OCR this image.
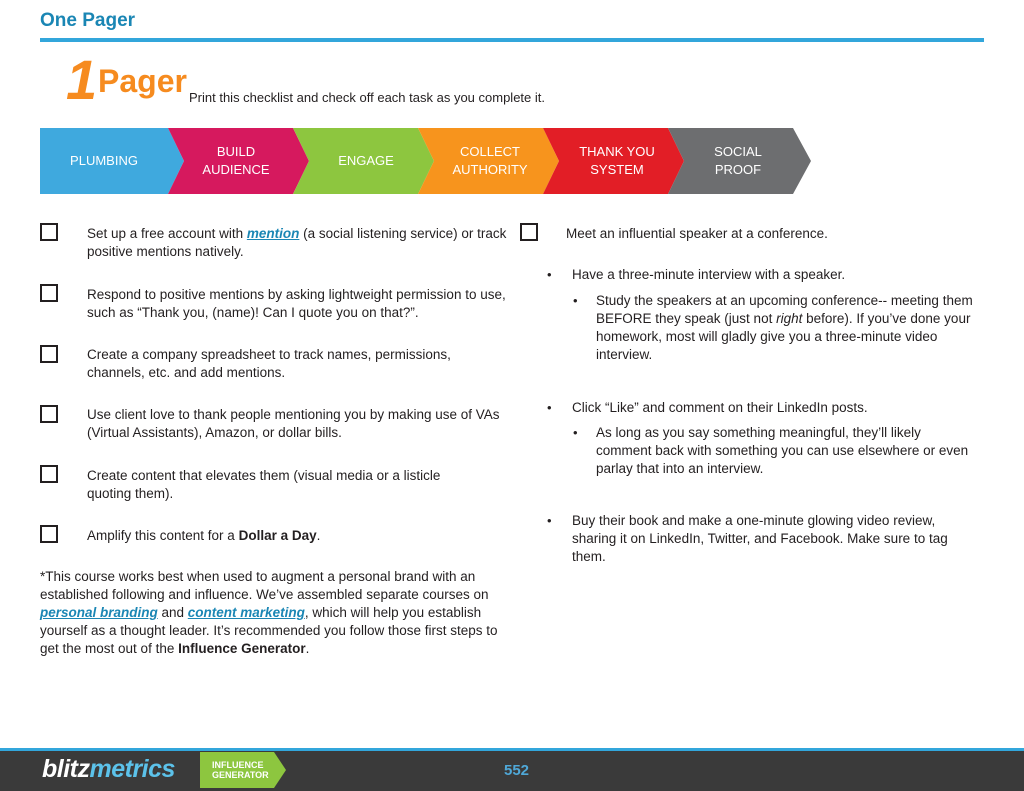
One Pager
1 Pager Print this checklist and check off each task as you complete it.
PLUMBING
BUILD
AUDIENCE
ENGAGE
COLLECT
AUTHORITY
THANK YOU
SYSTEM
SOCIAL
PROOF
Set up a free account with mention (a social listening service) or track positive mentions natively.
Respond to positive mentions by asking lightweight permission to use, such as “Thank you, (name)! Can I quote you on that?”.
Create a company spreadsheet to track names, permissions, channels, etc. and add mentions.
Use client love to thank people mentioning you by making use of VAs (Virtual Assistants), Amazon, or dollar bills.
Create content that elevates them (visual media or a listicle quoting them).
Amplify this content for a Dollar a Day.
*This course works best when used to augment a personal brand with an established following and influence. We’ve assembled separate courses on personal branding and content marketing, which will help you establish yourself as a thought leader. It’s recommended you follow those first steps to get the most out of the Influence Generator.
Meet an influential speaker at a conference.
• Have a three-minute interview with a speaker.
• Study the speakers at an upcoming conference-- meeting them BEFORE they speak (just not right before). If you’ve done your homework, most will gladly give you a three-minute video interview.
• Click “Like” and comment on their LinkedIn posts.
• As long as you say something meaningful, they’ll likely comment back with something you can use elsewhere or even parlay that into an interview.
• Buy their book and make a one-minute glowing video review, sharing it on LinkedIn, Twitter, and Facebook. Make sure to tag them.
blitzmetrics	INFLUENCE
GENERATOR	552
